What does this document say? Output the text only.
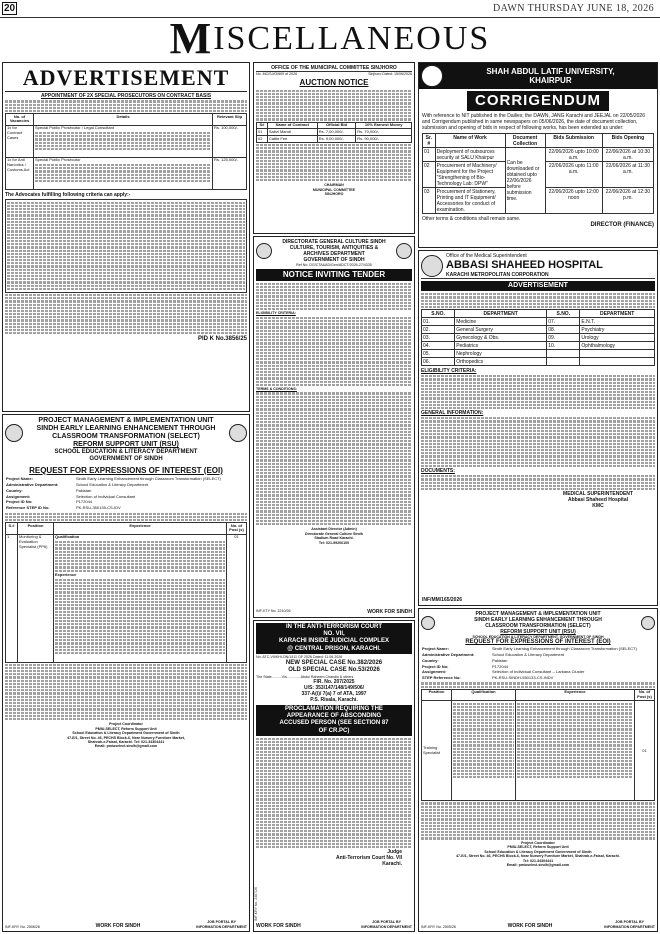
20	DAWN THURSDAY JUNE 18, 2026
M ISCELLANEOUS
ADVERTISEMENT
APPOINTMENT OF 2X SPECIAL PROSECUTORS ON CONTRACT BASIS
No. of Vacancies	Details	Relevant Slip
1x for Contract Cases	Special Public Prosecutor / Legal Consultant	Rs. 100,000/-
1x for Anti Narcotics / Customs Act	Special Public Prosecutor	Rs. 125,000/-
The Advocates fulfilling following criteria can apply:-
PID K No.3856/25
PROJECT MANAGEMENT & IMPLEMENTATION UNIT
SINDH EARLY LEARNING ENHANCEMENT THROUGH
CLASSROOM TRANSFORMATION (SELECT)
REFORM SUPPORT UNIT (RSU)
SCHOOL EDUCATION & LITERACY DEPARTMENT
GOVERNMENT OF SINDH
REQUEST FOR EXPRESSIONS OF INTEREST (EOI)
Project Name:	Sindh Early Learning Enhancement through Classroom Transformation (SELECT)
Administrative Department:	School Education & Literacy Department
Country:	Pakistan
Assignment:	Selection of Individual Consultant
Project ID No:	P172044
Reference STEP ID No.	PK-RSU-350135-CS-IDV
S.#	Position	Experience	No. of Post (s)
1	Monitoring & Evaluation Specialist (PP6)	Qualification
Experience	01
Project Coordinator
PMIU-SELECT, Reform Support Unit
School Education & Literacy Department Government of Sindh
47-E/1, Street No. 46, PECHS Block-6, Near Nursery Furniture Market,
Shahrah-e-Faisal, Karachi. Tel: 021-34304441
Email: pmiuselect.sindh@gmail.com
INF-KRY No. 2506/26	WORK FOR SINDH
JOB PORTAL BY
INFORMATION DEPARTMENT
OFFICE OF THE MUNICIPAL COMMITTEE SINJHORO
No. MC/SJ/O/609 of 2026	Sinjhoro Dated: 15/06/2026
AUCTION NOTICE
S#	Name of Contract	Official Bid	10% Earnest Money
01	Sabzi Mandi	Rs. 7,00,000/-	Rs. 70,000/-
02	Cattle Fee	Rs. 9,00,000/-	Rs. 90,000/-
CHAIRMAN
MUNICIPAL COMMITTEE
SINJHORO
DIRECTORATE GENERAL CULTURE SINDH
CULTURE, TOURISM, ANTIQUITIES &
ARCHIVES DEPARTMENT
GOVERNMENT OF SINDH
Ref No. DG/CTA&AD/Gen/ADCT/2026-27/4335
NOTICE INVITING TENDER
ELIGIBILITY CRITERIA:
TERMS & CONDITIONS:
Assistant Director (Admin)
Directorate General Culture Sindh
Stadium Road Karachi.
Tel: 021-99206100
INF-KTY No. 2210/26	WORK FOR SINDH
IN THE ANTI-TERRORISM COURT
NO. VII,
KARACHI INSIDE JUDICIAL COMPLEX
@ CENTRAL PRISON, KARACHI.
No. ATC-VII/KHI-DN/1411 OF 2026 Dated: 11.06.2026
NEW SPECIAL CASE No.382/2026
OLD SPECIAL CASE No.53/2026
The State..........V/s..............Abdul Raheem Chandio & others
FIR. No. 207/2025
U/S: 353/147/148/149/506/
337-A(i)/ 7(a) 7 of ATA, 1997
P.S. Risala, Karachi.
PROCLAMATION REQUIRING THE
APPEARANCE OF ABSCONDING
ACCUSED PERSON (SEE SECTION 87
OF CR.PC)
Judge
Anti-Terrorism Court No. VII
Karachi.
WORK FOR SINDH
JOB PORTAL BY
INFORMATION DEPARTMENT
INF-KRY No. 2487/26
SHAH ABDUL LATIF UNIVERSITY,
KHAIRPUR
CORRIGENDUM
With reference to NIT published in the Dailies; the DAWN, JANG Karachi and JEEJAL on 22/05/2026 and Corrigendum published in same newspapers on 05/06/2026, the date of document collection, submission and opening of bids in respect of following works, has been extended as under:
Sr. #	Name of Work	Document Collection	Bids Submission	Bids Opening
01	Deployment of outsources security at SALU Khairpur	Can be downloaded or obtained upto 22/06/2026 before submission time.	22/06/2026 upto 10:00 a.m.	22/06/2026 at 10:30 a.m.
02	Procurement of Machinery/ Equipment for the Project "Strengthening of Bio-Technology Lab: DPW"		22/06/2026 upto 11:00 a.m.	22/06/2026 at 11:30 a.m.
03	Procurement of Stationery, Printing and IT Equipment/ Accessories for conduct of examination.		22/06/2026 upto 12:00 noon	22/06/2026 at 12:30 p.m.
Other terms & conditions shall remain same.
DIRECTOR (FINANCE)
Office of the Medical Superintendent
ABBASI SHAHEED HOSPITAL
KARACHI METROPOLITAN CORPORATION
ADVERTISEMENT
S.NO.	DEPARTMENT	S.NO.	DEPARTMENT
01.	Medicine	07.	E.N.T.
02.	General Surgery	08.	Psychiatry
03.	Gynecology & Obs.	09.	Urology
04.	Pediatrics	10.	Ophthalmology
05.	Nephrology		
06.	Orthopedics		
ELIGIBILITY CRITERIA:
GENERAL INFORMATION:
DOCUMENTS:
MEDICAL SUPERINTENDENT
Abbasi Shaheed Hospital
KMC
INF/MM/165/2026
PROJECT MANAGEMENT & IMPLEMENTATION UNIT
SINDH EARLY LEARNING ENHANCEMENT THROUGH
CLASSROOM TRANSFORMATION (SELECT)
REFORM SUPPORT UNIT (RSU)
SCHOOL EDUCATION & LITERACY DEPARTMENT, GOVERNMENT OF SINDH
REQUEST FOR EXPRESSIONS OF INTEREST (EOI)
Project Name:	Sindh Early Learning Enhancement through Classroom Transformation (SELECT)
Administrative Department:	School Education & Literacy Department
Country:	Pakistan
Project ID No:	P172044
Assignment:	Selection of Individual Consultant -- Larkana Cluster
STEP Reference No:	PK-RSU-SINDH-550133-CS-INDV
Position	Qualification	Experience	No. of Post (s)
Training Specialist			01
Project Coordinator
PMIU-SELECT, Reform Support Unit
School Education & Literacy Department Government of Sindh
47-E/1, Street No. 46, PECHS Block-6, Near Nursery Furniture Market, Shahrah-e-Faisal, Karachi.
Tel: 021-34304441
Email: pmiuselect.sindh@gmail.com
INF-KRY No. 2505/26	WORK FOR SINDH
JOB PORTAL BY
INFORMATION DEPARTMENT
